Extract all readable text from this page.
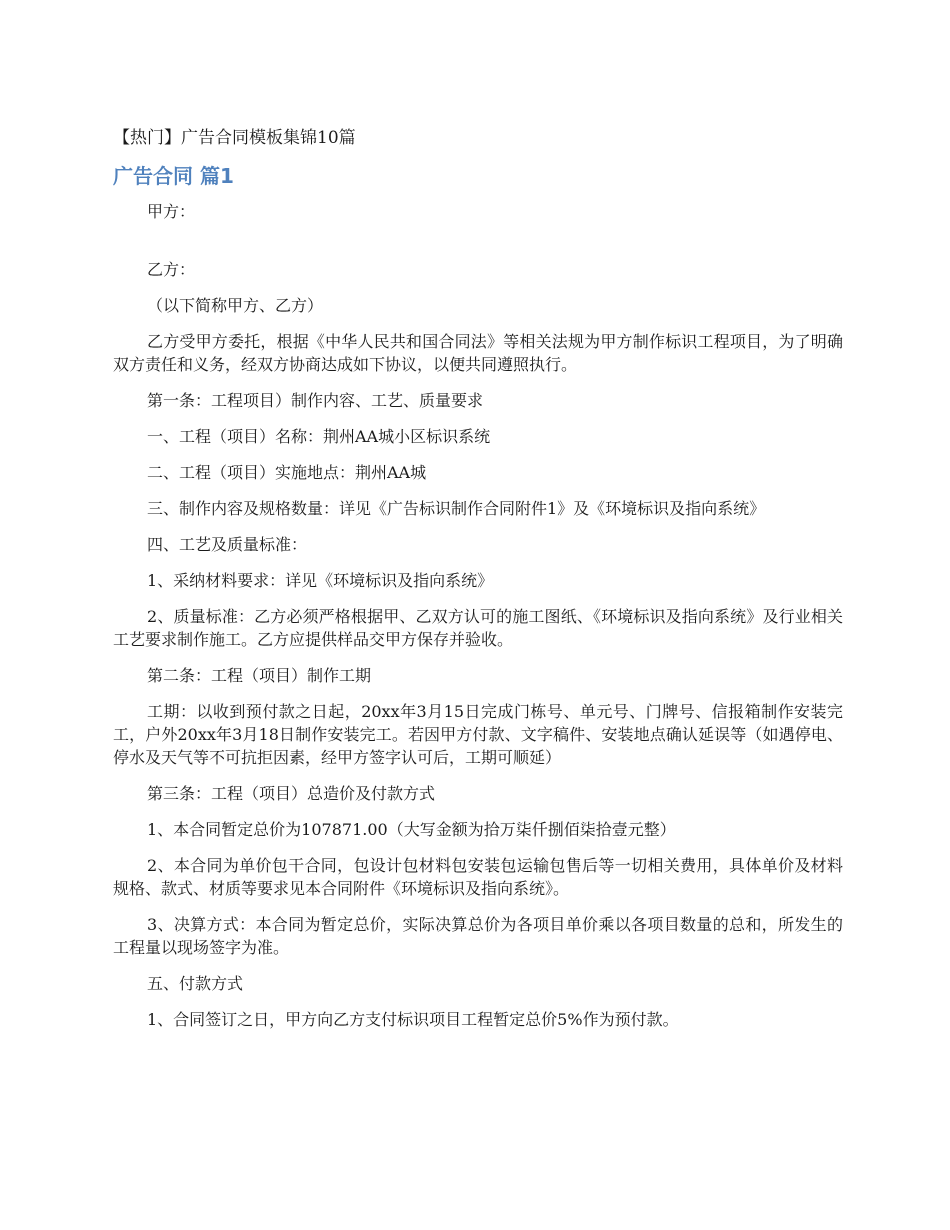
【热门】广告合同模板集锦10篇
广告合同 篇1

甲方：

乙方：

（以下简称甲方、乙方）

乙方受甲方委托，根据《中华人民共和国合同法》等相关法规为甲方制作标识工程项目，为了明确双方责任和义务，经双方协商达成如下协议，以便共同遵照执行。

第一条：工程项目）制作内容、工艺、质量要求

一、工程（项目）名称：荆州AA城小区标识系统

二、工程（项目）实施地点：荆州AA城

三、制作内容及规格数量：详见《广告标识制作合同附件1》及《环境标识及指向系统》

四、工艺及质量标准：

1、采纳材料要求：详见《环境标识及指向系统》

2、质量标准：乙方必须严格根据甲、乙双方认可的施工图纸、《环境标识及指向系统》及行业相关工艺要求制作施工。乙方应提供样品交甲方保存并验收。

第二条：工程（项目）制作工期

工期：以收到预付款之日起，20xx年3月15日完成门栋号、单元号、门牌号、信报箱制作安装完工，户外20xx年3月18日制作安装完工。若因甲方付款、文字稿件、安装地点确认延误等（如遇停电、停水及天气等不可抗拒因素，经甲方签字认可后，工期可顺延）

第三条：工程（项目）总造价及付款方式

1、本合同暂定总价为107871.00（大写金额为拾万柒仟捌佰柒拾壹元整）

2、本合同为单价包干合同，包设计包材料包安装包运输包售后等一切相关费用，具体单价及材料规格、款式、材质等要求见本合同附件《环境标识及指向系统》。

3、决算方式：本合同为暂定总价，实际决算总价为各项目单价乘以各项目数量的总和，所发生的工程量以现场签字为准。

五、付款方式

1、合同签订之日，甲方向乙方支付标识项目工程暂定总价5%作为预付款。
